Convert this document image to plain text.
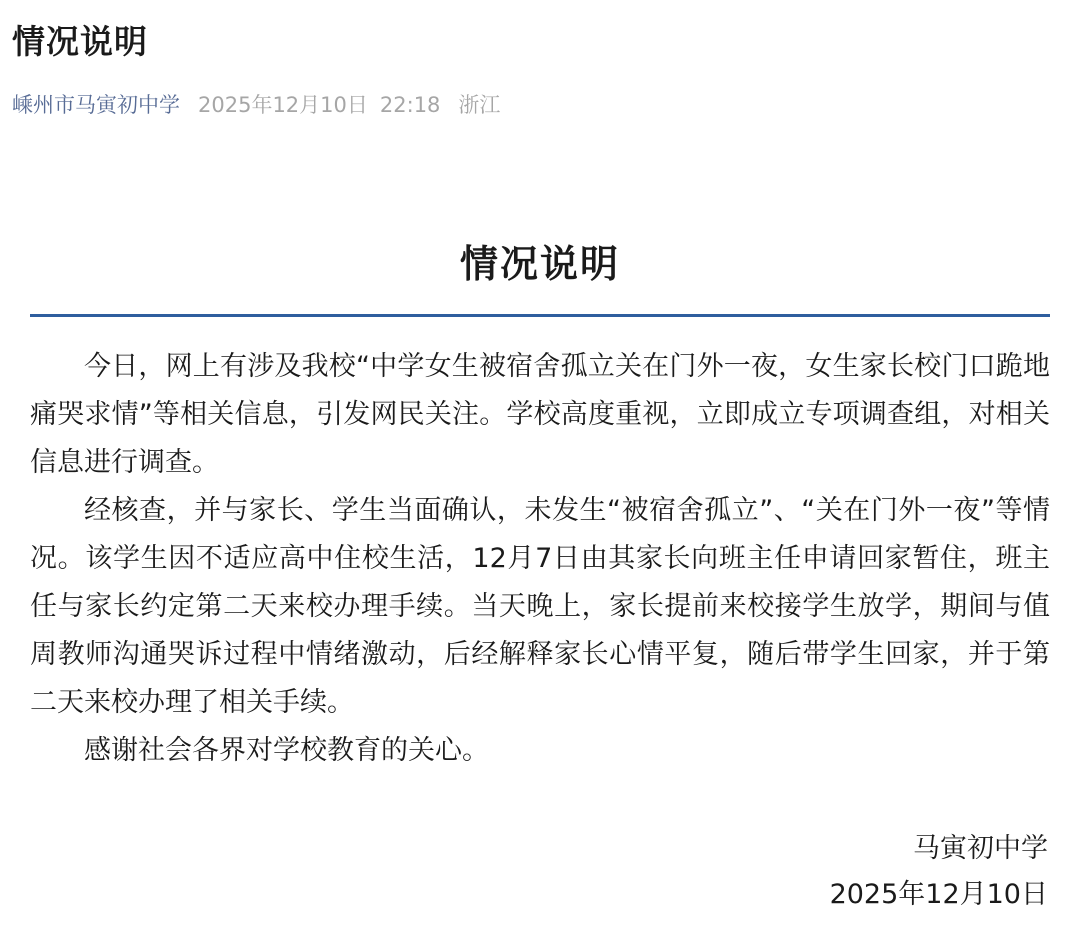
情况说明
嵊州市马寅初中学 2025年12月10日 22:18 浙江
情况说明

今日，网上有涉及我校“中学女生被宿舍孤立关在门外一夜，女生家长校门口跪地痛哭求情”等相关信息，引发网民关注。学校高度重视，立即成立专项调查组，对相关信息进行调查。

经核查，并与家长、学生当面确认，未发生“被宿舍孤立”、“关在门外一夜”等情况。该学生因不适应高中住校生活，12月7日由其家长向班主任申请回家暂住，班主任与家长约定第二天来校办理手续。当天晚上，家长提前来校接学生放学，期间与值周教师沟通哭诉过程中情绪激动，后经解释家长心情平复，随后带学生回家，并于第二天来校办理了相关手续。

感谢社会各界对学校教育的关心。

马寅初中学
2025年12月10日
